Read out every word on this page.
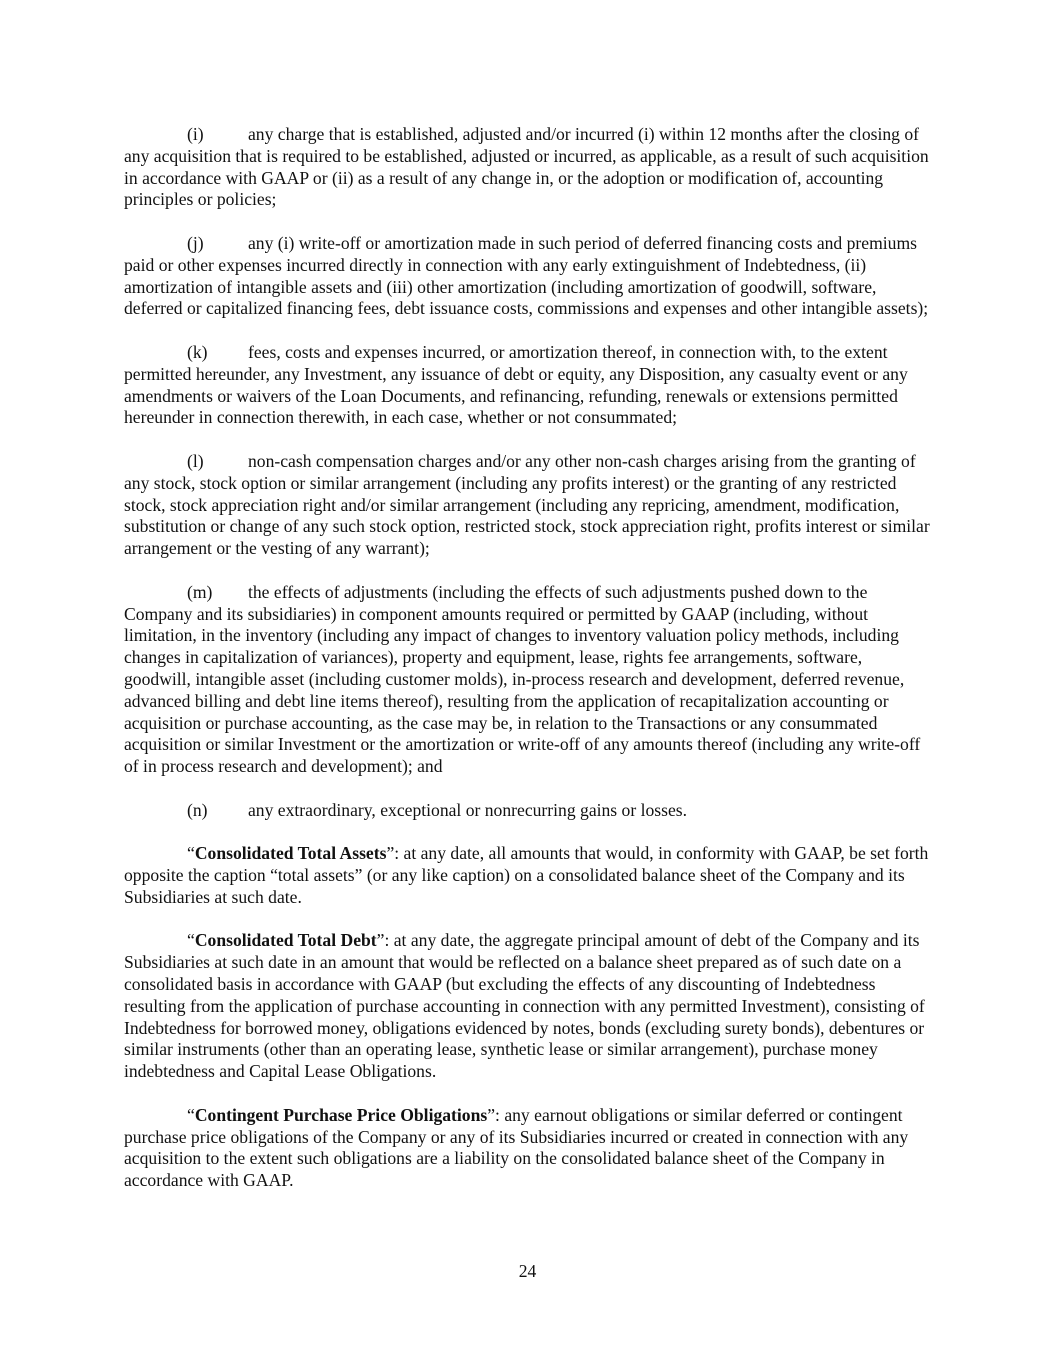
(i)	any charge that is established, adjusted and/or incurred (i) within 12 months after the closing of any acquisition that is required to be established, adjusted or incurred, as applicable, as a result of such acquisition in accordance with GAAP or (ii) as a result of any change in, or the adoption or modification of, accounting principles or policies;

(j)	any (i) write-off or amortization made in such period of deferred financing costs and premiums paid or other expenses incurred directly in connection with any early extinguishment of Indebtedness, (ii) amortization of intangible assets and (iii) other amortization (including amortization of goodwill, software, deferred or capitalized financing fees, debt issuance costs, commissions and expenses and other intangible assets);

(k) fees, costs and expenses incurred, or amortization thereof, in connection with, to the extent permitted hereunder, any Investment, any issuance of debt or equity, any Disposition, any casualty event or any amendments or waivers of the Loan Documents, and refinancing, refunding, renewals or extensions permitted hereunder in connection therewith, in each case, whether or not consummated;

(l)	non-cash compensation charges and/or any other non-cash charges arising from the granting of any stock, stock option or similar arrangement (including any profits interest) or the granting of any restricted stock, stock appreciation right and/or similar arrangement (including any repricing, amendment, modification, substitution or change of any such stock option, restricted stock, stock appreciation right, profits interest or similar arrangement or the vesting of any warrant);

(m) the effects of adjustments (including the effects of such adjustments pushed down to the Company and its subsidiaries) in component amounts required or permitted by GAAP (including, without limitation, in the inventory (including any impact of changes to inventory valuation policy methods, including changes in capitalization of variances), property and equipment, lease, rights fee arrangements, software, goodwill, intangible asset (including customer molds), in-process research and development, deferred revenue, advanced billing and debt line items thereof), resulting from the application of recapitalization accounting or acquisition or purchase accounting, as the case may be, in relation to the Transactions or any consummated acquisition or similar Investment or the amortization or write-off of any amounts thereof (including any write-off of in process research and development); and

(n) any extraordinary, exceptional or nonrecurring gains or losses.

“Consolidated Total Assets”: at any date, all amounts that would, in conformity with GAAP, be set forth opposite the caption “total assets” (or any like caption) on a consolidated balance sheet of the Company and its Subsidiaries at such date.

“Consolidated Total Debt”: at any date, the aggregate principal amount of debt of the Company and its Subsidiaries at such date in an amount that would be reflected on a balance sheet prepared as of such date on a consolidated basis in accordance with GAAP (but excluding the effects of any discounting of Indebtedness resulting from the application of purchase accounting in connection with any permitted Investment), consisting of Indebtedness for borrowed money, obligations evidenced by notes, bonds (excluding surety bonds), debentures or similar instruments (other than an operating lease, synthetic lease or similar arrangement), purchase money indebtedness and Capital Lease Obligations.

“Contingent Purchase Price Obligations”: any earnout obligations or similar deferred or contingent purchase price obligations of the Company or any of its Subsidiaries incurred or created in connection with any acquisition to the extent such obligations are a liability on the consolidated balance sheet of the Company in accordance with GAAP.

24
